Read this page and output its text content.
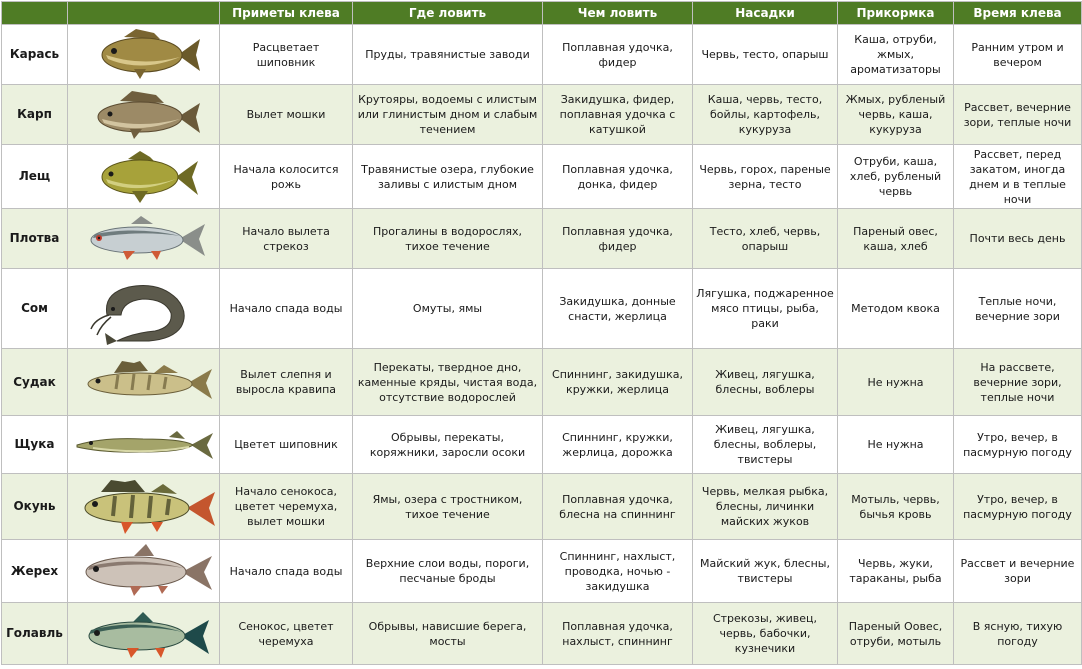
		Приметы клева	Где ловить	Чем ловить	Насадки	Прикормка	Время клева
Карась		Расцветает шиповник	Пруды, травянистые заводи	Поплавная удочка, фидер	Червь, тесто, опарыш	Каша, отруби, жмых, ароматизаторы	Ранним утром и вечером
Карп		Вылет мошки	Крутояры, водоемы с илистым или глинистым дном и слабым течением	Закидушка, фидер, поплавная удочка с катушкой	Каша, червь, тесто, бойлы, картофель, кукуруза	Жмых, рубленый червь, каша, кукуруза	Рассвет, вечерние зори, теплые ночи
Лещ		Начала колосится рожь	Травянистые озера, глубокие заливы с илистым дном	Поплавная удочка, донка, фидер	Червь, горох, пареные зерна, тесто	Отруби, каша, хлеб, рубленый червь	Рассвет, перед закатом, иногда днем и в теплые ночи
Плотва		Начало вылета стрекоз	Прогалины в водорослях, тихое течение	Поплавная удочка, фидер	Тесто, хлеб, червь, опарыш	Пареный овес, каша, хлеб	Почти весь день
Сом		Начало спада воды	Омуты, ямы	Закидушка, донные снасти, жерлица	Лягушка, поджаренное мясо птицы, рыба, раки	Методом квока	Теплые ночи, вечерние зори
Судак		Вылет слепня и выросла кравипа	Перекаты, твердное дно, каменные кряды, чистая вода, отсутствие водорослей	Спиннинг, закидушка, кружки, жерлица	Живец, лягушка, блесны, воблеры	Не нужна	На рассвете, вечерние зори, теплые ночи
Щука		Цветет шиповник	Обрывы, перекаты, коряжники, заросли осоки	Спиннинг, кружки, жерлица, дорожка	Живец, лягушка, блесны, воблеры, твистеры	Не нужна	Утро, вечер, в пасмурную погоду
Окунь		Начало сенокоса, цветет черемуха, вылет мошки	Ямы, озера с тростником, тихое течение	Поплавная удочка, блесна на спиннинг	Червь, мелкая рыбка, блесны, личинки майских жуков	Мотыль, червь, бычья кровь	Утро, вечер, в пасмурную погоду
Жерех		Начало спада воды	Верхние слои воды, пороги, песчаные броды	Спиннинг, нахлыст, проводка, ночью - закидушка	Майский жук, блесны, твистеры	Червь, жуки, тараканы, рыба	Рассвет и вечерние зори
Голавль		Сенокос, цветет черемуха	Обрывы, нависшие берега, мосты	Поплавная удочка, нахлыст, спиннинг	Стрекозы, живец, червь, бабочки, кузнечики	Пареный Оовес, отруби, мотыль	В ясную, тихую погоду
